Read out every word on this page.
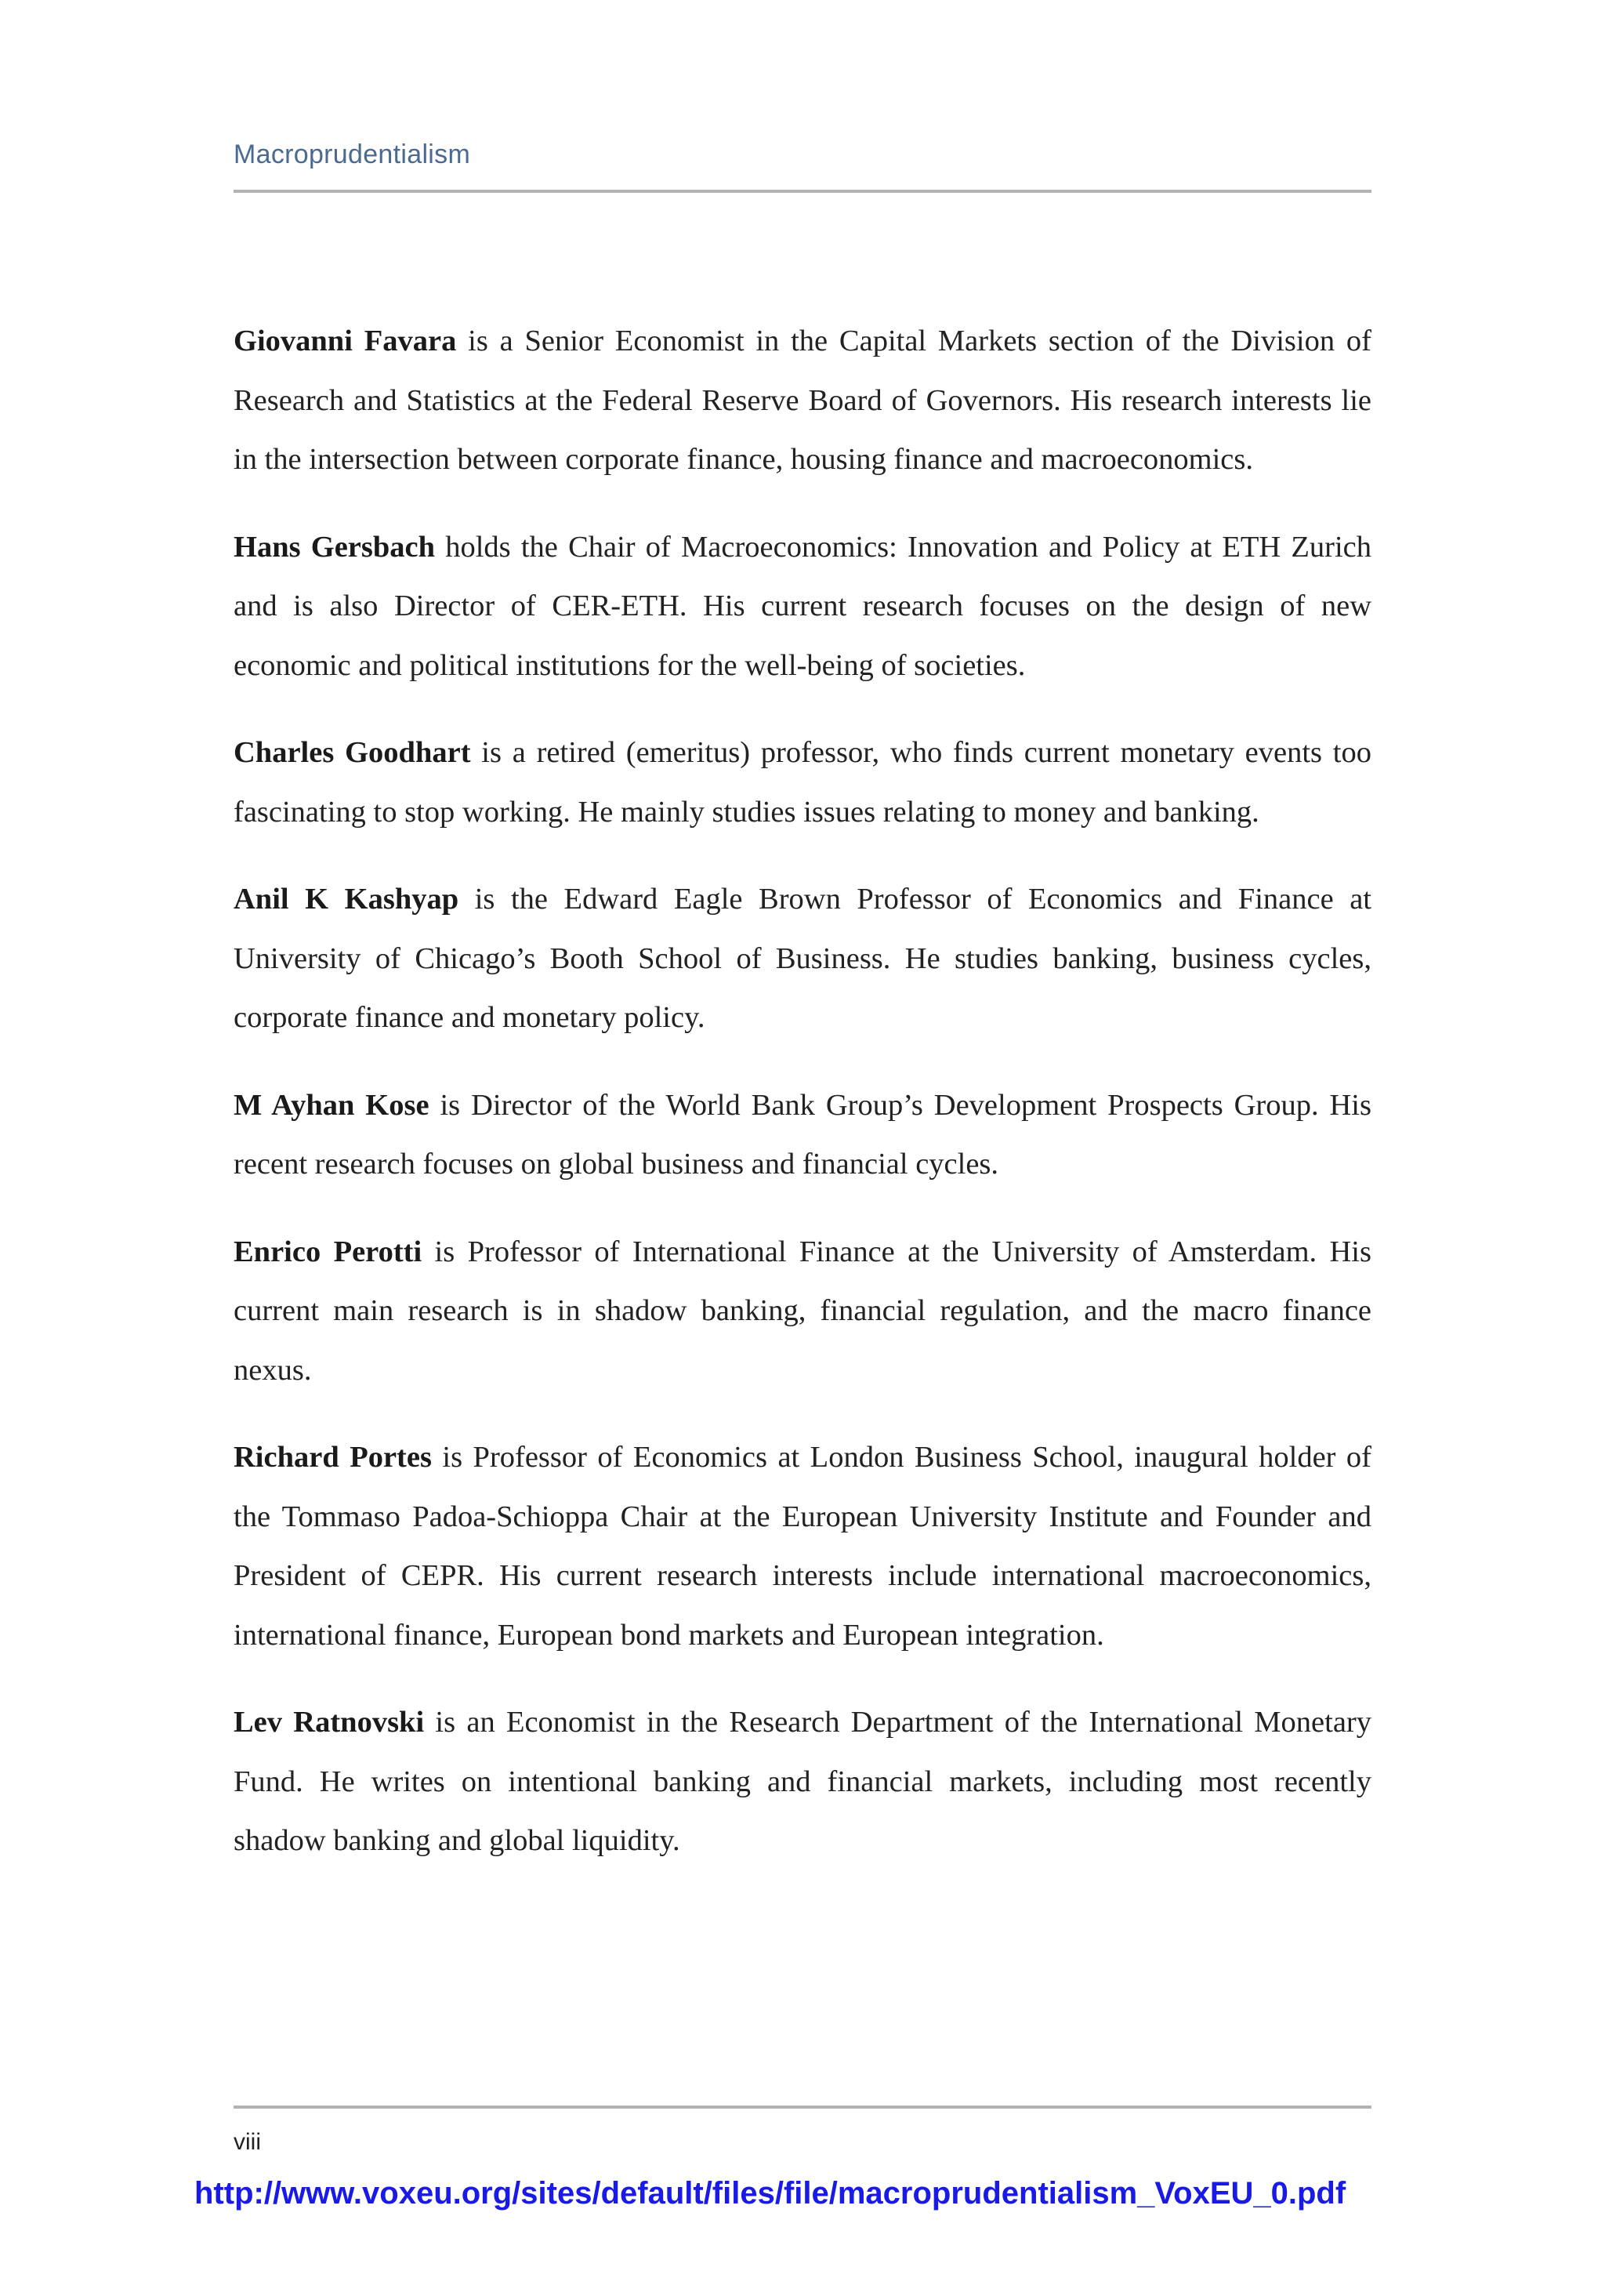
Macroprudentialism

Giovanni Favara is a Senior Economist in the Capital Markets section of the Division of Research and Statistics at the Federal Reserve Board of Governors. His research interests lie in the intersection between corporate finance, housing finance and macroeconomics.

Hans Gersbach holds the Chair of Macroeconomics: Innovation and Policy at ETH Zurich and is also Director of CER-ETH. His current research focuses on the design of new economic and political institutions for the well-being of societies.

Charles Goodhart is a retired (emeritus) professor, who finds current monetary events too fascinating to stop working. He mainly studies issues relating to money and banking.

Anil K Kashyap is the Edward Eagle Brown Professor of Economics and Finance at University of Chicago’s Booth School of Business. He studies banking, business cycles, corporate finance and monetary policy.

M Ayhan Kose is Director of the World Bank Group’s Development Prospects Group. His recent research focuses on global business and financial cycles.

Enrico Perotti is Professor of International Finance at the University of Amsterdam. His current main research is in shadow banking, financial regulation, and the macro finance nexus.

Richard Portes is Professor of Economics at London Business School, inaugural holder of the Tommaso Padoa-Schioppa Chair at the European University Institute and Founder and President of CEPR. His current research interests include international macroeconomics, international finance, European bond markets and European integration.

Lev Ratnovski is an Economist in the Research Department of the International Monetary Fund. He writes on intentional banking and financial markets, including most recently shadow banking and global liquidity.

viii
http://www.voxeu.org/sites/default/files/file/macroprudentialism_VoxEU_0.pdf
